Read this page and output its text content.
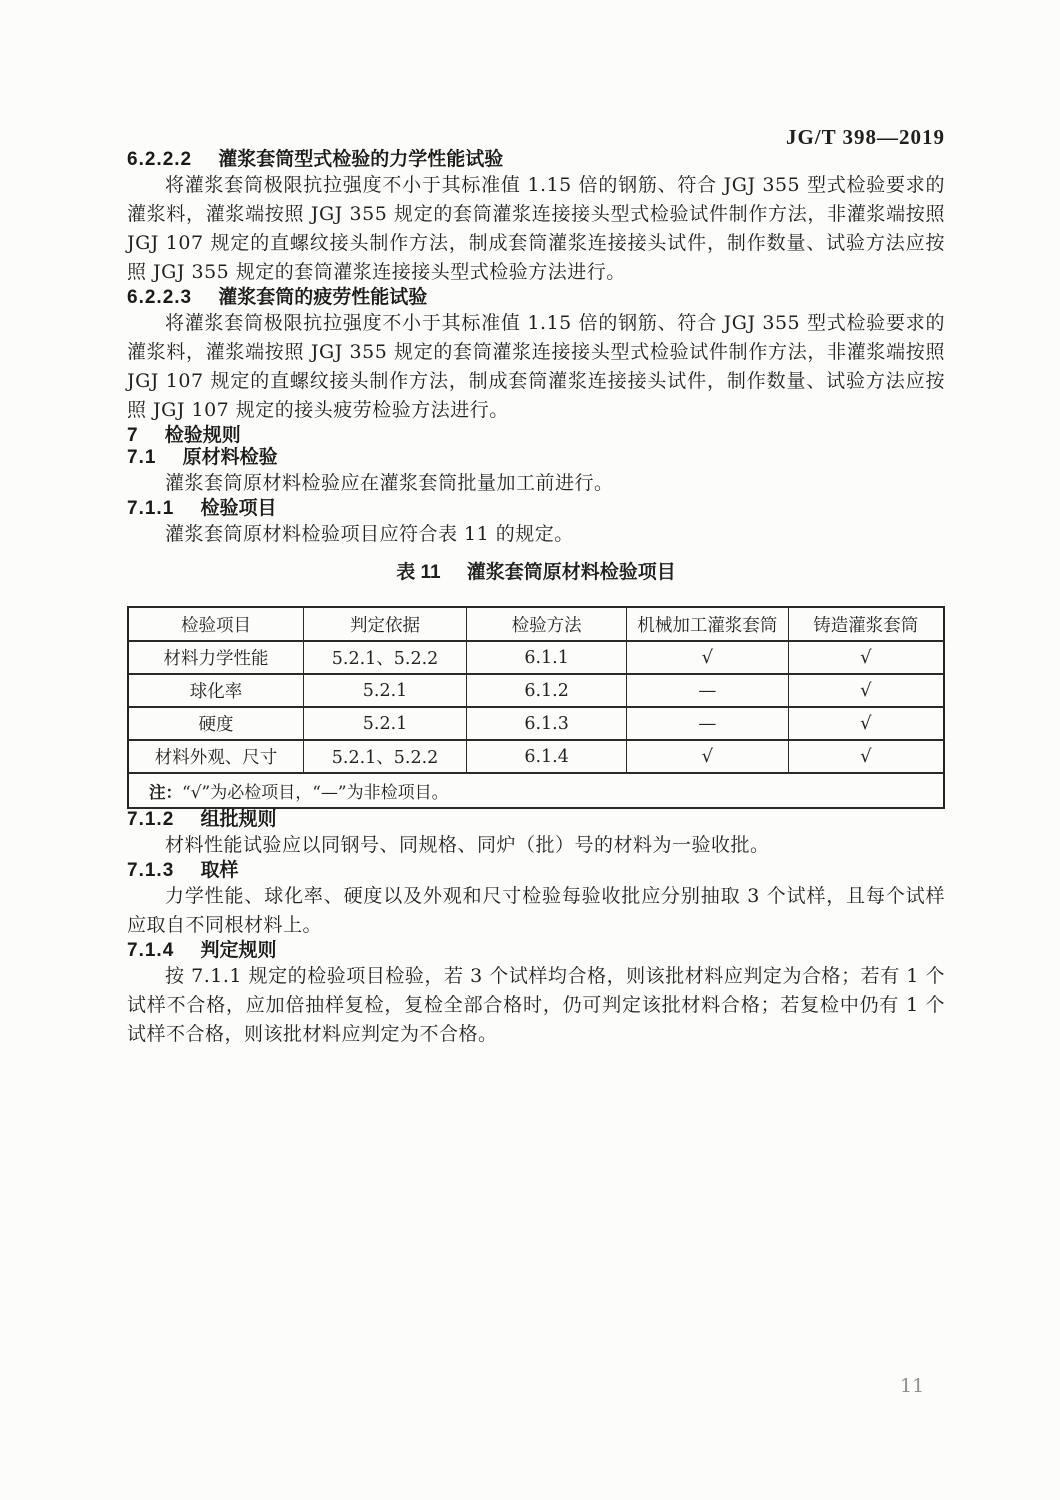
JG/T 398—2019
6.2.2.2 灌浆套筒型式检验的力学性能试验

将灌浆套筒极限抗拉强度不小于其标准值 1.15 倍的钢筋、符合 JGJ 355 型式检验要求的灌浆料，灌浆端按照 JGJ 355 规定的套筒灌浆连接接头型式检验试件制作方法，非灌浆端按照 JGJ 107 规定的直螺纹接头制作方法，制成套筒灌浆连接接头试件，制作数量、试验方法应按照 JGJ 355 规定的套筒灌浆连接接头型式检验方法进行。

6.2.2.3 灌浆套筒的疲劳性能试验

将灌浆套筒极限抗拉强度不小于其标准值 1.15 倍的钢筋、符合 JGJ 355 型式检验要求的灌浆料，灌浆端按照 JGJ 355 规定的套筒灌浆连接接头型式检验试件制作方法，非灌浆端按照 JGJ 107 规定的直螺纹接头制作方法，制成套筒灌浆连接接头试件，制作数量、试验方法应按照 JGJ 107 规定的接头疲劳检验方法进行。

7 检验规则
7.1 原材料检验

灌浆套筒原材料检验应在灌浆套筒批量加工前进行。

7.1.1 检验项目

灌浆套筒原材料检验项目应符合表 11 的规定。

表 11 灌浆套筒原材料检验项目
检验项目	判定依据	检验方法	机械加工灌浆套筒	铸造灌浆套筒
材料力学性能	5.2.1、5.2.2	6.1.1	√	√
球化率	5.2.1	6.1.2	—	√
硬度	5.2.1	6.1.3	—	√
材料外观、尺寸	5.2.1、5.2.2	6.1.4	√	√
注：“√”为必检项目，“—”为非检项目。				
7.1.2 组批规则

材料性能试验应以同钢号、同规格、同炉（批）号的材料为一验收批。

7.1.3 取样

力学性能、球化率、硬度以及外观和尺寸检验每验收批应分别抽取 3 个试样，且每个试样应取自不同根材料上。

7.1.4 判定规则

按 7.1.1 规定的检验项目检验，若 3 个试样均合格，则该批材料应判定为合格；若有 1 个试样不合格，应加倍抽样复检，复检全部合格时，仍可判定该批材料合格；若复检中仍有 1 个试样不合格，则该批材料应判定为不合格。

11
